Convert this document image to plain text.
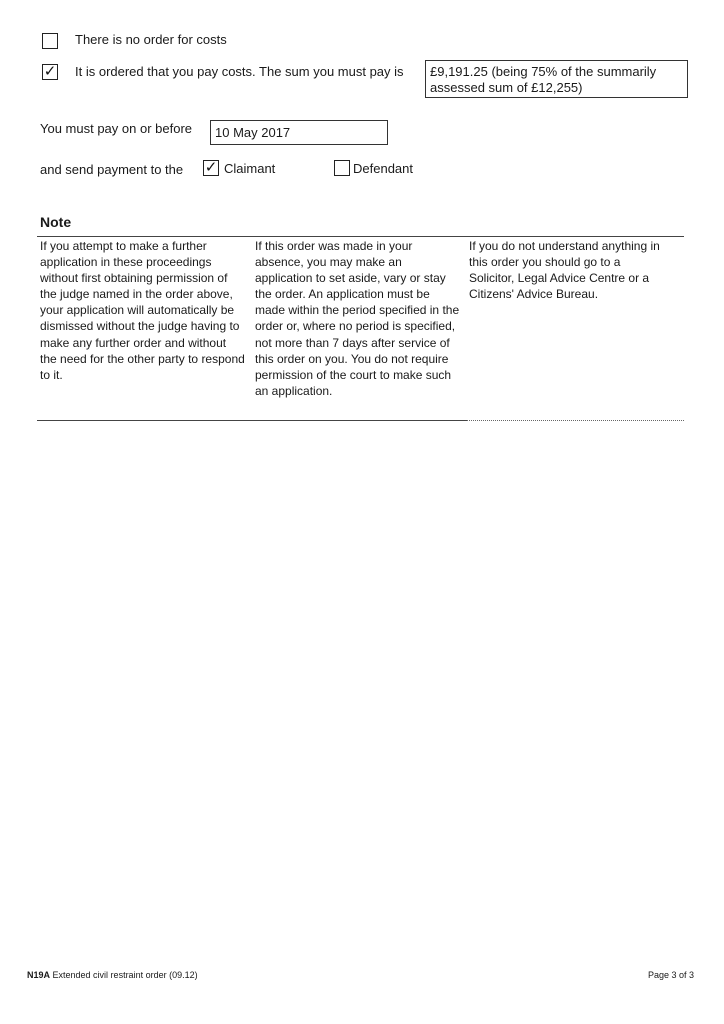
There is no order for costs
✓ It is ordered that you pay costs. The sum you must pay is	£9,191.25 (being 75% of the summarily assessed sum of £12,255)
You must pay on or before	10 May 2017
and send payment to the ✓ Claimant	Defendant
Note
If you attempt to make a further application in these proceedings without first obtaining permission of the judge named in the order above, your application will automatically be dismissed without the judge having to make any further order and without the need for the other party to respond to it.
If this order was made in your absence, you may make an application to set aside, vary or stay the order. An application must be made within the period specified in the order or, where no period is specified, not more than 7 days after service of this order on you. You do not require permission of the court to make such an application.
If you do not understand anything in this order you should go to a Solicitor, Legal Advice Centre or a Citizens' Advice Bureau.
N19A Extended civil restraint order (09.12)	Page 3 of 3
